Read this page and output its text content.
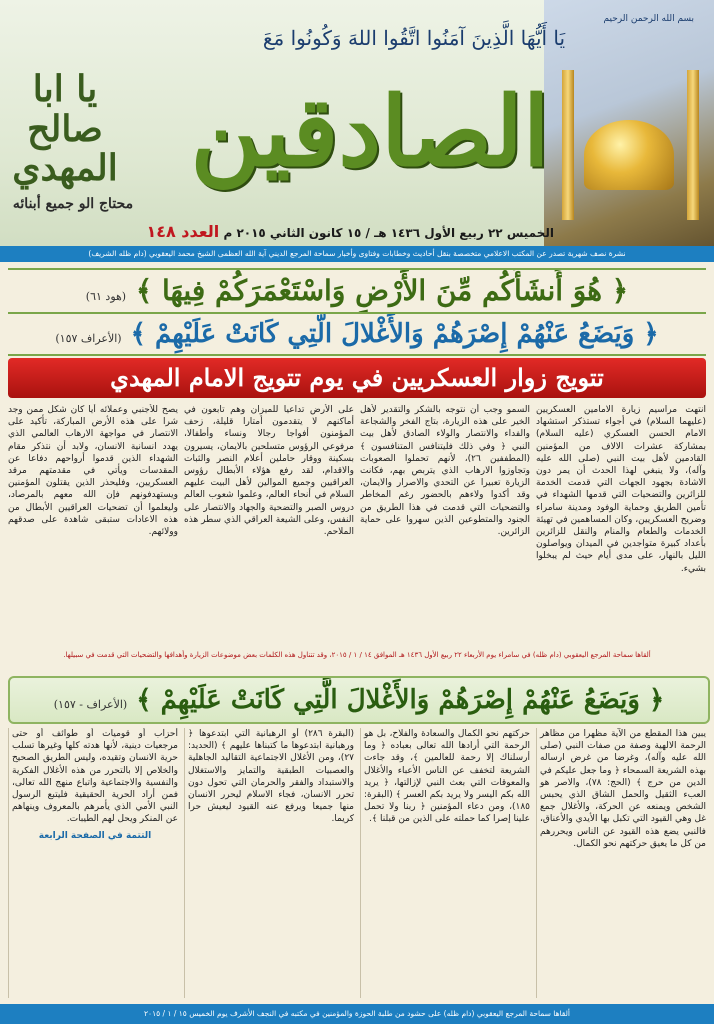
بسم الله الرحمن الرحيم
يَا أَيُّهَا الَّذِينَ آمَنُوا اتَّقُوا اللهَ وَكُونُوا مَعَ
الصادقين
يا ابا صالح المهدي
محتاج الو جميع أبنائه
الخميس ٢٢ ربيع الأول ١٤٣٦ هـ / ١٥ كانون الثاني ٢٠١٥ م العدد ١٤٨
نشرة نصف شهرية تصدر عن المكتب الاعلامي متخصصة بنقل أحاديث وخطابات وفتاوى وأخبار سماحة المرجع الديني آية الله العظمى الشيخ محمد اليعقوبي (دام ظله الشريف)
﴿ هُوَ أَنشَأَكُم مِّنَ الأَرْضِ وَاسْتَعْمَرَكُمْ فِيهَا ﴾ (هود ٦١)
﴿ وَيَضَعُ عَنْهُمْ إِصْرَهُمْ وَالأَغْلالَ الَّتِي كَانَتْ عَلَيْهِمْ ﴾ (الأعراف ١٥٧)
تتويج زوار العسكريين في يوم تتويج الامام المهدي
انتهت مراسيم زيارة الامامين العسكريين (عليهما السلام) في أجواء تستذكر استشهاد الامام الحسن العسكري (عليه السلام) بمشاركة عشرات الالاف من المؤمنين القادمين لأهل بيت النبي (صلى الله عليه وآله)، ولا ينبغي لهذا الحدث أن يمر دون الاشادة بجهود الجهات التي قدمت الخدمة للزائرين والتضحيات التي قدمها الشهداء في تأمين الطريق وحماية الوفود ومدينة سامراء وضريح العسكريين، وكان المساهمين في تهيئة الخدمات والطعام والمنام والنقل للزائرين بأعداد كبيرة متواجدين في الميدان ويواصلون الليل بالنهار، على مدى أيام حيث لم يبخلوا بشيء.
السمو وجب أن نتوجه بالشكر والتقدير لأهل الخير على هذه الزيارة، بتاج الفخر والشجاعة والفداء والانتصار والولاء الصادق لأهل بيت النبي ﴿ وفي ذلك فليتنافس المتنافسون ﴾ (المطففين ٢٦)، لأنهم تحملوا الصعوبات وتجاوزوا الارهاب الذي يتربص بهم، فكانت الزيارة تعبيرا عن التحدي والاصرار والايمان، وقد أكدوا ولاءهم بالحضور رغم المخاطر والتضحيات التي قدمت في هذا الطريق من الجنود والمتطوعين الذين سهروا على حماية الزائرين.
على الأرض تداعيا للميزان وهم تابعون في أماكنهم لا يتقدمون أمتارا قليلة، زحف المؤمنون أفواجا رجالا ونساء وأطفالا، مرفوعي الرؤوس متسلحين بالايمان، يسيرون بسكينة ووقار حاملين أعلام النصر والثبات والاقدام، لقد رفع هؤلاء الأبطال رؤوس العراقيين وجميع الموالين لأهل البيت عليهم السلام في أنحاء العالم، وعلموا شعوب العالم دروس الصبر والتضحية والجهاد والانتصار على النفس، وعلى الشيعة العراقي الذي سطر هذه الملاحم.
يصح للأجنبي وعملائه أيا كان شكل ممن وجد شرا على هذه الأرض المباركة، تأكيد على الانتصار في مواجهة الارهاب العالمي الذي يهدد انسانية الانسان، ولابد أن نتذكر مقام الشهداء الذين قدموا أرواحهم دفاعا عن المقدسات ويأتي في مقدمتهم مرقد العسكريين، وفليحذر الذين يقتلون المؤمنين ويستهدفونهم فإن الله معهم بالمرصاد، وليعلموا أن تضحيات العراقيين الأبطال من هذه الاعادات ستبقى شاهدة على صدقهم وولائهم.
ألقاها سماحة المرجع اليعقوبي (دام ظله) في سامراء يوم الأربعاء ٢٢ ربيع الأول ١٤٣٦ هـ الموافق ١٤ / ١ / ٢٠١٥، وقد تتناول هذه الكلمات بعض موضوعات الزيارة وأهدافها والتضحيات التي قدمت في سبيلها.
﴿ وَيَضَعُ عَنْهُمْ إِصْرَهُمْ وَالأَغْلالَ الَّتِي كَانَتْ عَلَيْهِمْ ﴾ (الأعراف - ١٥٧)
يبين هذا المقطع من الآية مظهرا من مظاهر الرحمة الالهية وصفة من صفات النبي (صلى الله عليه وآله)، وغرضا من غرض ارساله بهذه الشريعة السمحاء ﴿ وما جعل عليكم في الدين من حرج ﴾ (الحج: ٧٨)، والاصر هو العبء الثقيل والحمل الشاق الذي يحبس الشخص ويمنعه عن الحركة، والأغلال جمع غل وهي القيود التي تكبل بها الأيدي والأعناق، فالنبي يضع هذه القيود عن الناس ويحررهم من كل ما يعيق حركتهم نحو الكمال.
حركتهم نحو الكمال والسعادة والفلاح، بل هو الرحمة التي أرادها الله تعالى بعباده ﴿ وما أرسلناك إلا رحمة للعالمين ﴾، وقد جاءت الشريعة لتخفف عن الناس الأعباء والأغلال والمعوقات التي بعث النبي لإزالتها، ﴿ يريد الله بكم اليسر ولا يريد بكم العسر ﴾ (البقرة: ١٨٥)، ومن دعاء المؤمنين ﴿ ربنا ولا تحمل علينا إصرا كما حملته على الذين من قبلنا ﴾.
(البقرة ٢٨٦) أو الرهبانية التي ابتدعوها ﴿ ورهبانية ابتدعوها ما كتبناها عليهم ﴾ (الحديد: ٢٧)، ومن الأغلال الاجتماعية التقاليد الجاهلية والعصبيات الطبقية والتمايز والاستغلال والاستبداد والفقر والحرمان التي تحول دون تحرر الانسان، فجاء الاسلام ليحرر الانسان منها جميعا ويرفع عنه القيود ليعيش حرا كريما.
أحزاب أو قوميات أو طوائف أو حتى مرجعيات دينية، لأنها هدته كلها وغيرها تسلب حرية الانسان وتقيده، وليس الطريق الصحيح والخلاص إلا بالتحرر من هذه الأغلال الفكرية والنفسية والاجتماعية واتباع منهج الله تعالى، فمن أراد الحرية الحقيقية فليتبع الرسول النبي الأمي الذي يأمرهم بالمعروف وينهاهم عن المنكر ويحل لهم الطيبات.
التتمة في الصفحة الرابعة
ألقاها سماحة المرجع اليعقوبي (دام ظله) على حشود من طلبة الحوزة والمؤمنين في مكتبه في النجف الأشرف يوم الخميس ١٥ / ١ / ٢٠١٥
